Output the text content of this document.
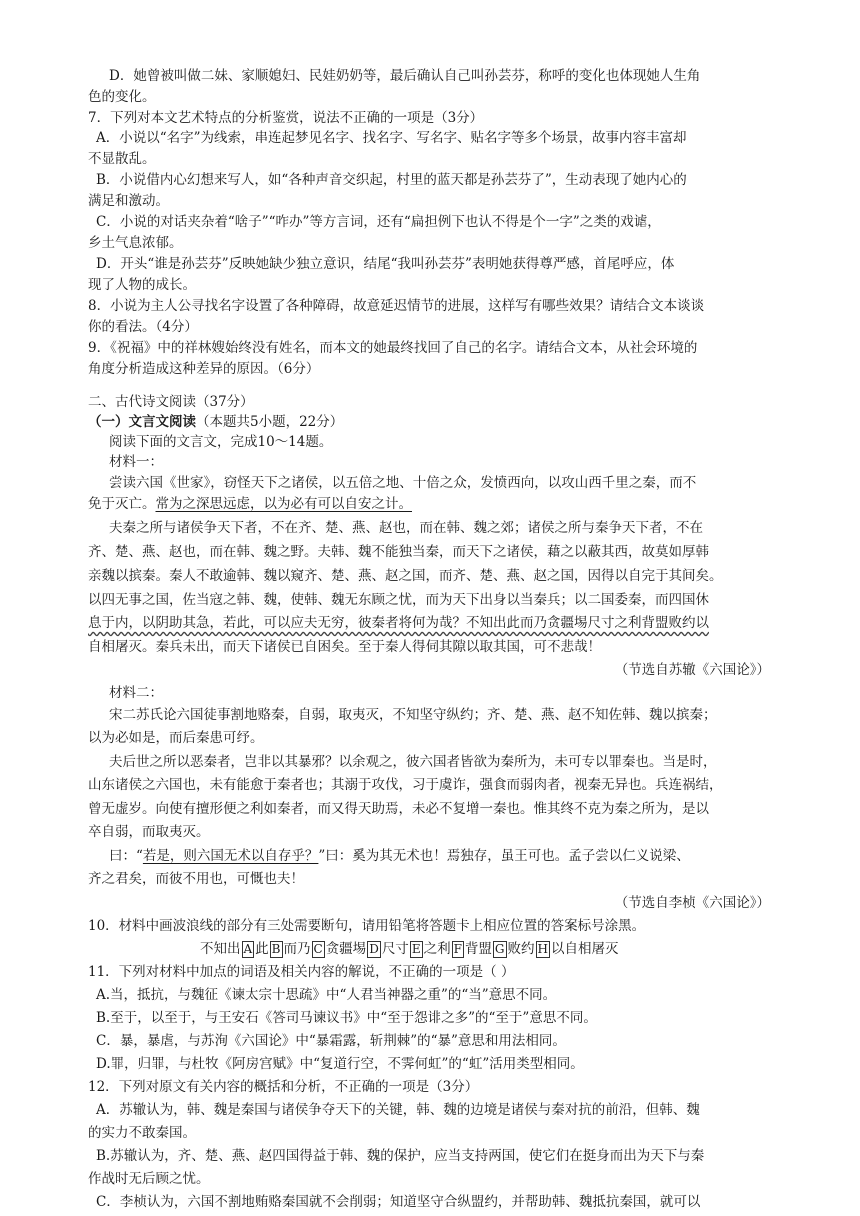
D．她曾被叫做二妹、家顺媳妇、民娃奶奶等，最后确认自己叫孙芸芬，称呼的变化也体现她人生角
色的变化。
7．下列对本文艺术特点的分析鉴赏，说法不正确的一项是（3分）
A．小说以“名字”为线索，串连起梦见名字、找名字、写名字、贴名字等多个场景，故事内容丰富却
不显散乱。
B．小说借内心幻想来写人，如“各种声音交织起，村里的蓝天都是孙芸芬了”，生动表现了她内心的
满足和激动。
C．小说的对话夹杂着“啥子”“咋办”等方言词，还有“扁担例下也认不得是个一字”之类的戏谑，
乡土气息浓郁。
D．开头“谁是孙芸芬”反映她缺少独立意识，结尾“我叫孙芸芬”表明她获得尊严感，首尾呼应，体
现了人物的成长。
8．小说为主人公寻找名字设置了各种障碍，故意延迟情节的进展，这样写有哪些效果？请结合文本谈谈
你的看法。（4分）
9．《祝福》中的祥林嫂始终没有姓名，而本文的她最终找回了自己的名字。请结合文本，从社会环境的
角度分析造成这种差异的原因。（6分）
二、古代诗文阅读（37分）
（一）文言文阅读（本题共5小题，22分）
阅读下面的文言文，完成10～14题。
材料一：
尝读六国《世家》，窃怪天下之诸侯，以五倍之地、十倍之众，发愤西向，以攻山西千里之秦，而不
免于灭亡。常为之深思远虑，以为必有可以自安之计。
夫秦之所与诸侯争天下者，不在齐、楚、燕、赵也，而在韩、魏之郊；诸侯之所与秦争天下者，不在
齐、楚、燕、赵也，而在韩、魏之野。夫韩、魏不能独当秦，而天下之诸侯，藉之以蔽其西，故莫如厚韩
亲魏以摈秦。秦人不敢逾韩、魏以窥齐、楚、燕、赵之国，而齐、楚、燕、赵之国，因得以自完于其间矣。
以四无事之国，佐当寇之韩、魏，使韩、魏无东顾之忧，而为天下出身以当秦兵；以二国委秦，而四国休
息于内，以阴助其急，若此，可以应夫无穷，彼秦者将何为哉？不知出此而乃贪疆埸尺寸之利背盟败约以
自相屠灭。秦兵未出，而天下诸侯已自困矣。至于秦人得伺其隙以取其国，可不悲哉！
（节选自苏辙《六国论》）
材料二：
宋二苏氏论六国徒事割地赂秦，自弱，取夷灭，不知坚守纵约；齐、楚、燕、赵不知佐韩、魏以摈秦；
以为必如是，而后秦患可纾。
夫后世之所以恶秦者，岂非以其暴邪？以余观之，彼六国者皆欲为秦所为，未可专以罪秦也。当是时，
山东诸侯之六国也，未有能愈于秦者也；其溺于攻伐，习于虞诈，强食而弱肉者，视秦无异也。兵连祸结，
曾无虚岁。向使有擅形便之利如秦者，而又得天助焉，未必不复增一秦也。惟其终不克为秦之所为，是以
卒自弱，而取夷灭。
曰：“若是，则六国无术以自存乎？”曰：奚为其无术也！焉独存，虽王可也。孟子尝以仁义说梁、
齐之君矣，而彼不用也，可慨也夫！
（节选自李桢《六国论》）
10．材料中画波浪线的部分有三处需要断句，请用铅笔将答题卡上相应位置的答案标号涂黑。
不知出 A 此 B 而乃 C 贪疆埸 D 尺寸 E 之利 F 背盟 G 败约 H 以自相屠灭
11．下列对材料中加点的词语及相关内容的解说，不正确的一项是（ ）
A.当，抵抗，与魏征《谏太宗十思疏》中“人君当神器之重”的“当”意思不同。
B.至于，以至于，与王安石《答司马谏议书》中“至于怨诽之多”的“至于”意思不同。
C．暴，暴虐，与苏洵《六国论》中“暴霜露，斩荆棘”的“暴”意思和用法相同。
D.罪，归罪，与杜牧《阿房宫赋》中“复道行空，不霁何虹”的“虹”活用类型相同。
12．下列对原文有关内容的概括和分析，不正确的一项是（3分）
A．苏辙认为，韩、魏是秦国与诸侯争夺天下的关键，韩、魏的边境是诸侯与秦对抗的前沿，但韩、魏
的实力不敢秦国。
B.苏辙认为，齐、楚、燕、赵四国得益于韩、魏的保护，应当支持两国，使它们在挺身而出为天下与秦
作战时无后顾之忧。
C．李桢认为，六国不割地贿赂秦国就不会削弱；知道坚守合纵盟约，并帮助韩、魏抵抗秦国，就可以
